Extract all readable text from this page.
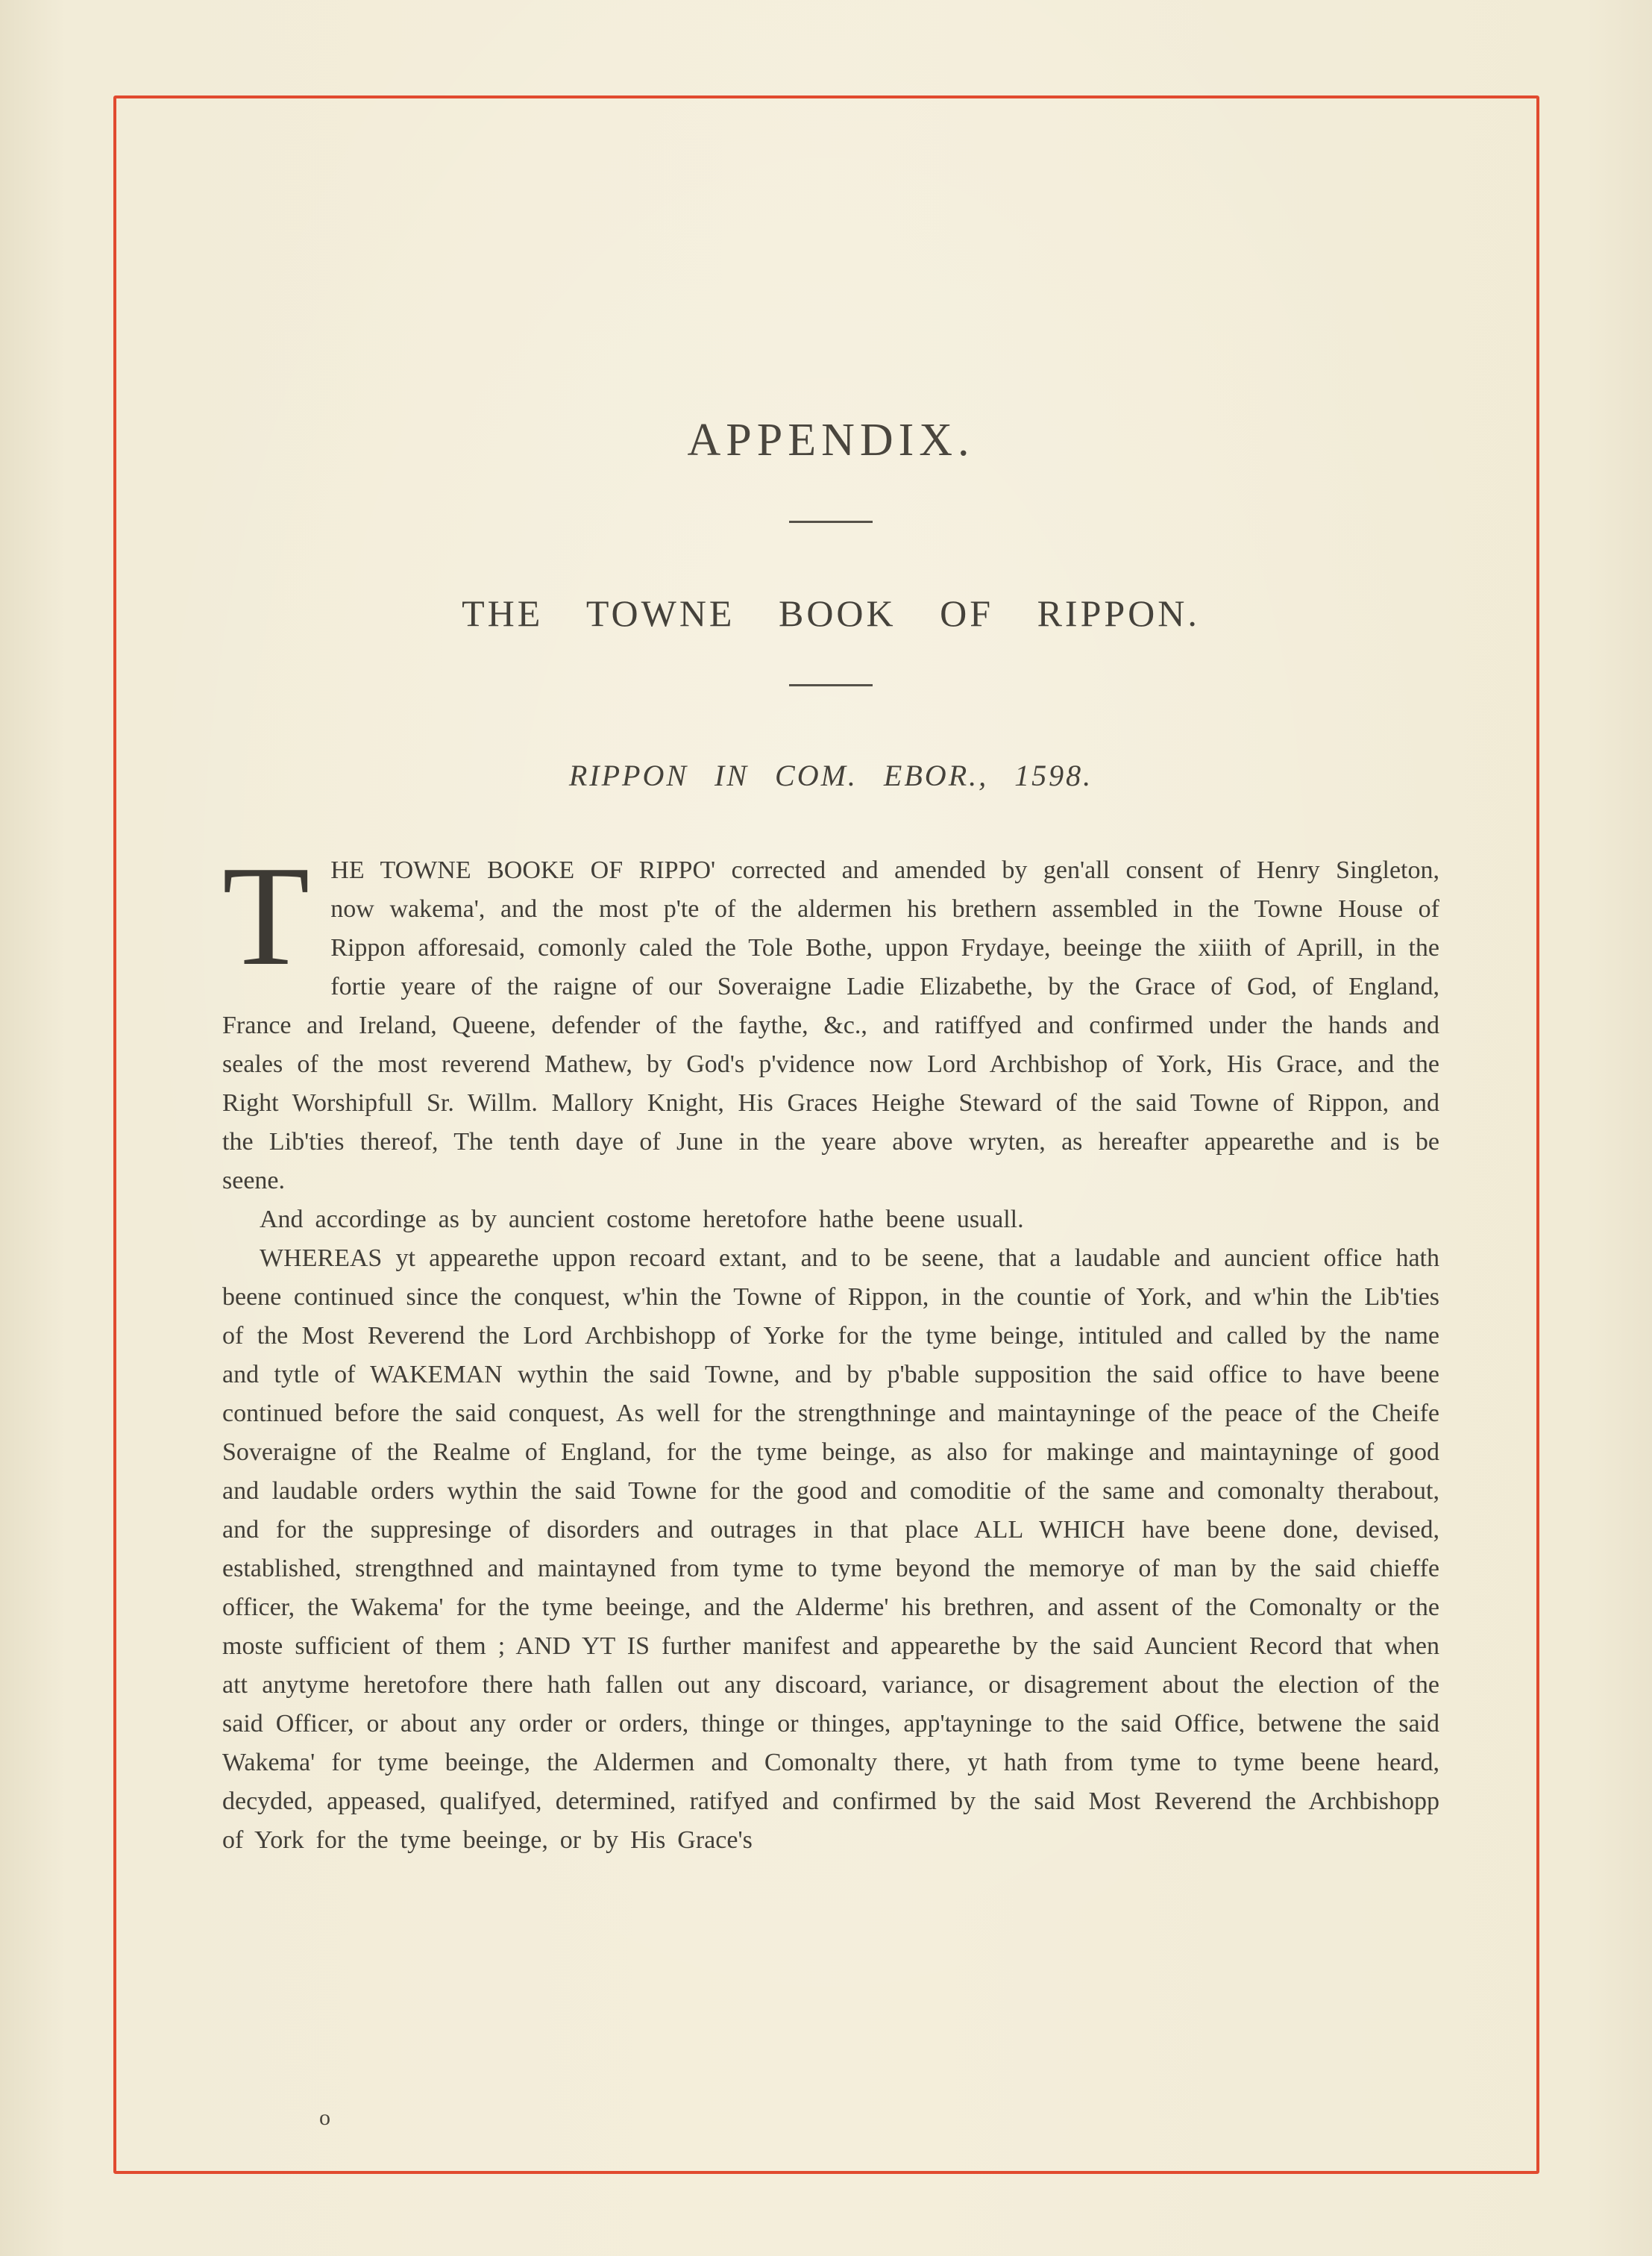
APPENDIX.
THE TOWNE BOOK OF RIPPON.
RIPPON IN COM. EBOR., 1598.

THE TOWNE BOOKE OF RIPPO' corrected and amended by gen'all consent of Henry Singleton, now wakema', and the most p'te of the aldermen his brethern assembled in the Towne House of Rippon afforesaid, comonly caled the Tole Bothe, uppon Frydaye, beeinge the xiiith of Aprill, in the fortie yeare of the raigne of our Soveraigne Ladie Elizabethe, by the Grace of God, of England, France and Ireland, Queene, defender of the faythe, &c., and ratiffyed and confirmed under the hands and seales of the most reverend Mathew, by God's p'vidence now Lord Archbishop of York, His Grace, and the Right Worshipfull Sr. Willm. Mallory Knight, His Graces Heighe Steward of the said Towne of Rippon, and the Lib'ties thereof, The tenth daye of June in the yeare above wryten, as hereafter appearethe and is be seene.

And accordinge as by auncient costome heretofore hathe beene usuall.

WHEREAS yt appearethe uppon recoard extant, and to be seene, that a laudable and auncient office hath beene continued since the conquest, w'hin the Towne of Rippon, in the countie of York, and w'hin the Lib'ties of the Most Reverend the Lord Archbishopp of Yorke for the tyme beinge, intituled and called by the name and tytle of WAKEMAN wythin the said Towne, and by p'bable supposition the said office to have beene continued before the said conquest, As well for the strengthninge and maintayninge of the peace of the Cheife Soveraigne of the Realme of England, for the tyme beinge, as also for makinge and maintayninge of good and laudable orders wythin the said Towne for the good and comoditie of the same and comonalty therabout, and for the suppresinge of disorders and outrages in that place ALL WHICH have beene done, devised, established, strengthned and maintayned from tyme to tyme beyond the memorye of man by the said chieffe officer, the Wakema' for the tyme beeinge, and the Alderme' his brethren, and assent of the Comonalty or the moste sufficient of them ; AND YT IS further manifest and appearethe by the said Auncient Record that when att anytyme heretofore there hath fallen out any discoard, variance, or disagrement about the election of the said Officer, or about any order or orders, thinge or thinges, app'tayninge to the said Office, betwene the said Wakema' for tyme beeinge, the Aldermen and Comonalty there, yt hath from tyme to tyme beene heard, decyded, appeased, qualifyed, determined, ratifyed and confirmed by the said Most Reverend the Archbishopp of York for the tyme beeinge, or by His Grace's

o
